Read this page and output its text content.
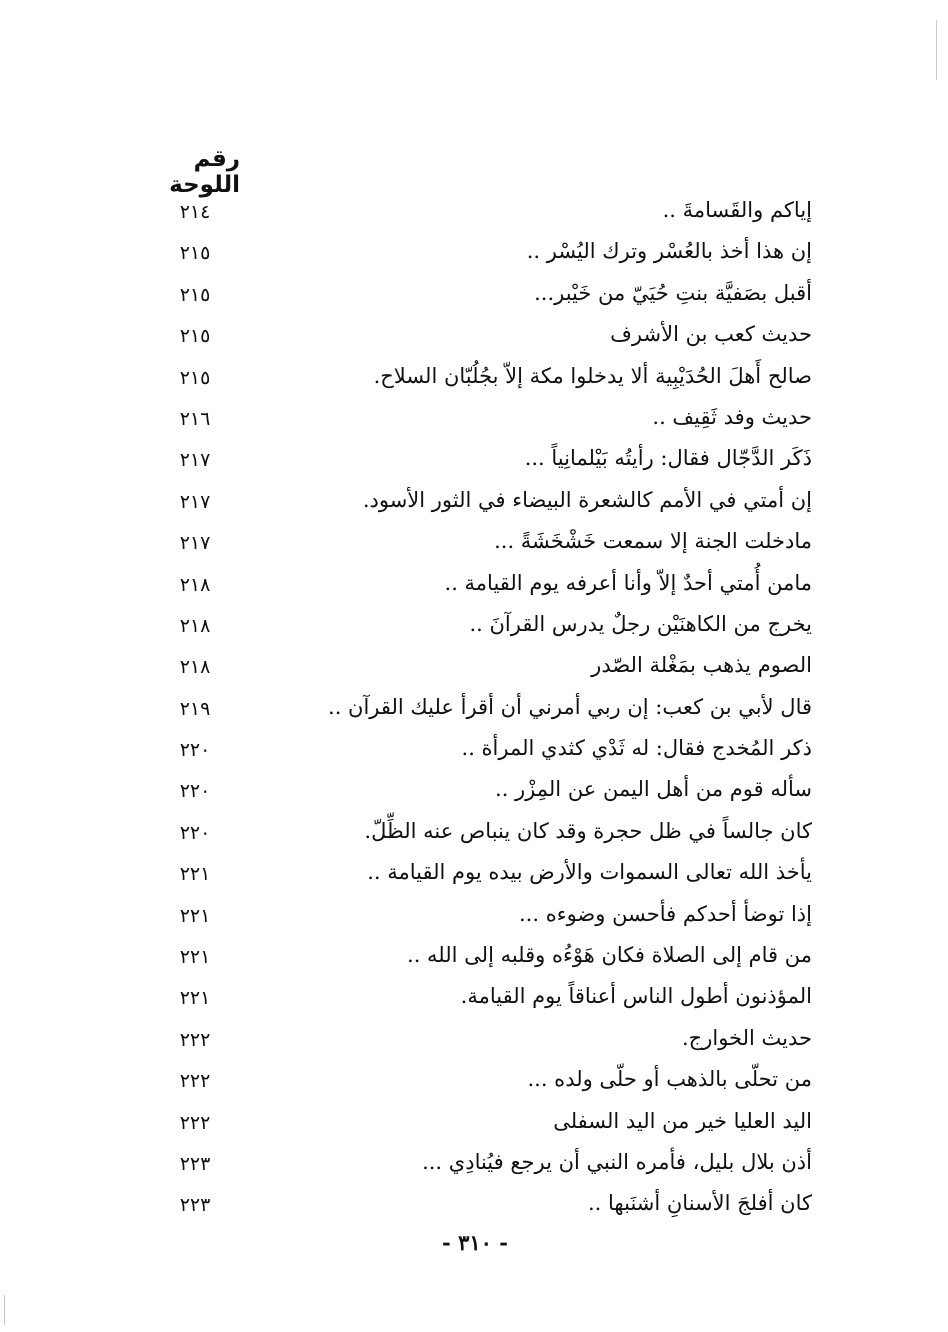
رقم اللوحة
إياكم والقَسامةَ ..
٢١٤
إن هذا أخذ بالعُسْر وترك اليُسْر ..
٢١٥
أقبل بصَفيَّة بنتِ حُيَيّ من خَيْبر...
٢١٥
حديث كعب بن الأشرف
٢١٥
صالح أَهلَ الحُدَيْبِية ألا يدخلوا مكة إلاّ بجُلُبّان السلاح.
٢١٥
حديث وفد ثَقِيف ..
٢١٦
ذَكَر الدَّجّال فقال: رأيتُه بَيْلمانِياً ...
٢١٧
إن أمتي في الأمم كالشعرة البيضاء في الثور الأسود.
٢١٧
مادخلت الجنة إلا سمعت خَشْخَشَةً ...
٢١٧
مامن أُمتي أحدٌ إلاّ وأنا أعرفه يوم القيامة ..
٢١٨
يخرج من الكاهنَيْن رجلٌ يدرس القرآنَ ..
٢١٨
الصوم يذهب بمَغْلة الصّدر
٢١٨
قال لأبي بن كعب: إن ربي أمرني أن أقرأ عليك القرآن ..
٢١٩
ذكر المُخدج فقال: له ثَدْي كثدي المرأة ..
٢٢٠
سأله قوم من أهل اليمن عن المِزْر ..
٢٢٠
كان جالساً في ظل حجرة وقد كان ينباص عنه الظِّلّ.
٢٢٠
يأخذ الله تعالى السموات والأرض بيده يوم القيامة ..
٢٢١
إذا توضأ أحدكم فأحسن وضوءه ...
٢٢١
من قام إلى الصلاة فكان هَوْءُه وقلبه إلى الله ..
٢٢١
المؤذنون أطول الناس أعناقاً يوم القيامة.
٢٢١
حديث الخوارج.
٢٢٢
من تحلّى بالذهب أو حلّى ولده ...
٢٢٢
اليد العليا خير من اليد السفلى
٢٢٢
أذن بلال بليل، فأمره النبي أن يرجع فيُنادِي ...
٢٢٣
كان أفلجَ الأسنانِ أشنَبها ..
٢٢٣
- ٣١٠ -
